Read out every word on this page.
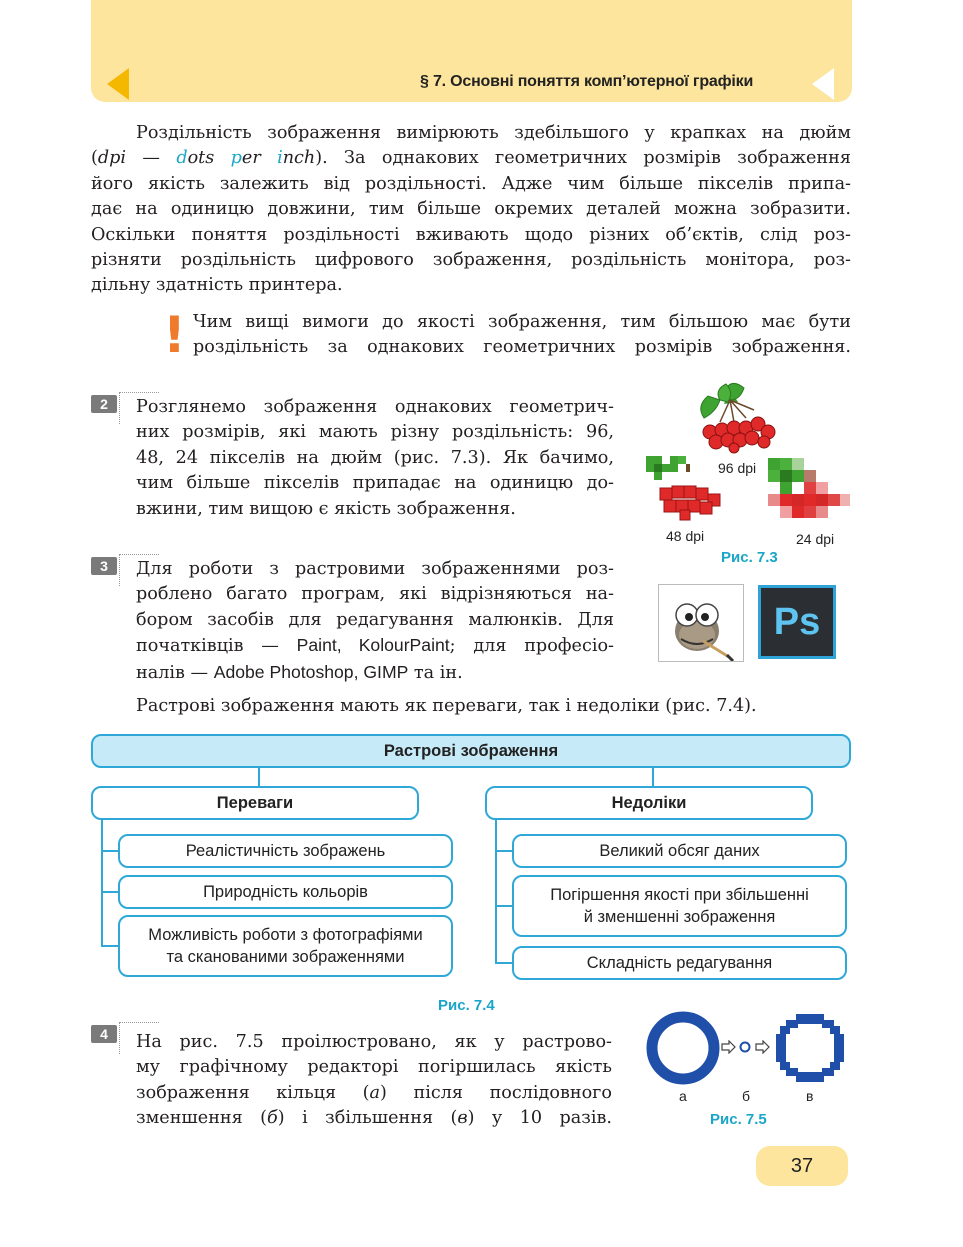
§ 7. Основні поняття комп’ютерної графіки
Роздільність зображення вимірюють здебільшого у крапках на дюйм
(dpi — dots per inch). За однакових геометричних розмірів зображення
йoго якість залежить від роздільності. Адже чим більше пікселів припа-
дає на одиницю довжини, тим більше окремих деталей можна зобразити.
Оскільки поняття роздільності вживають щодо різних об’єктів, слід роз-
різняти роздільність цифрового зображення, роздільність монітора, роз-
дільну здатність принтера.
! Чим вищі вимоги до якості зображення, тим більшою має бути
роздільність за однакових геометричних розмірів зображення.
2	Розглянемо зображення однакових геометрич-
них розмірів, які мають різну роздільність: 96,
48, 24 пікселів на дюйм (рис. 7.3). Як бачимо,
чим більше пікселів припадає на одиницю до-
вжини, тим вищою є якість зображення.
96 dpi
48 dpi	24 dpi
Рис. 7.3
3	Для роботи з растровими зображеннями роз-
роблено багато програм, які відрізняються на-
бором засобів для редагування малюнків. Для
початківців — Paint, KolourPaint; для професіо-
налів — Adobe Photoshop, GIMP та ін.
Ps
Растрові зображення мають як переваги, так і недоліки (рис. 7.4).
Растрові зображення
Переваги	Недоліки
Реалістичність зображень
Природність кольорів
Можливість роботи з фотографіями
та сканованими зображеннями
Великий обсяг даних
Погіршення якості при збільшенні
й зменшенні зображення
Складність редагування
Рис. 7.4
4	На рис. 7.5 проілюстровано, як у растрово-
му графічному редакторі погіршилась якість
зображення кільця (а) після послідовного
зменшення (б) і збільшення (в) у 10 разів.
а	б	в
Рис. 7.5
37
